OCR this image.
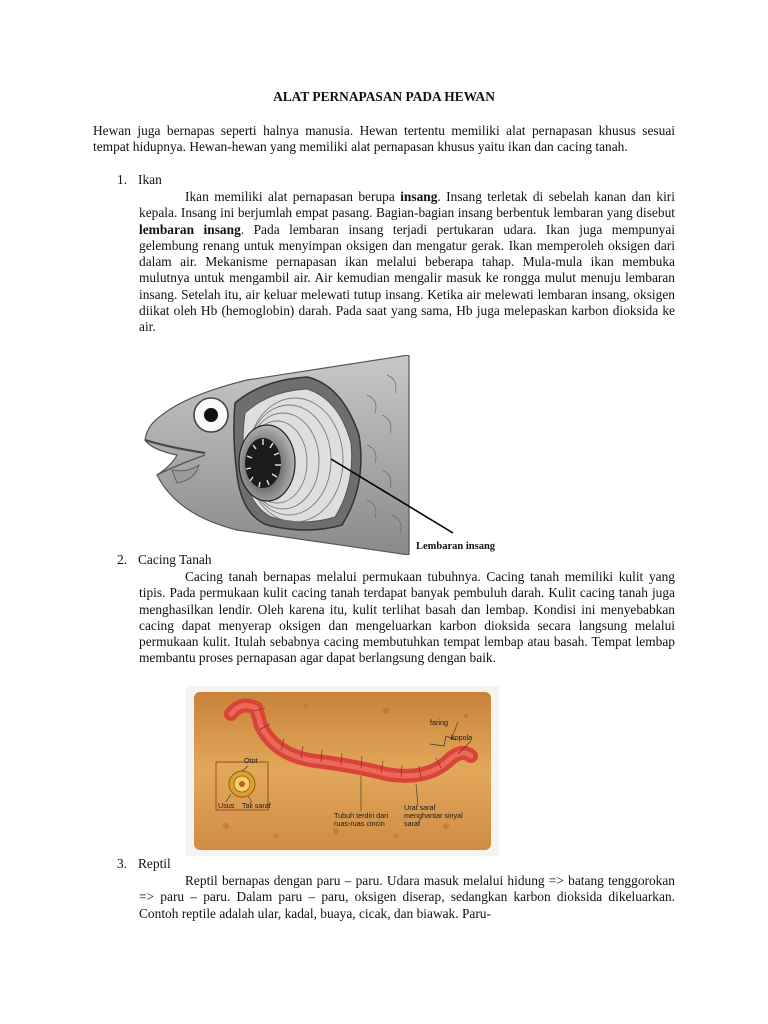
ALAT PERNAPASAN PADA HEWAN
Hewan juga bernapas seperti halnya manusia. Hewan tertentu memiliki alat pernapasan khusus sesuai tempat hidupnya. Hewan-hewan yang memiliki alat pernapasan khusus yaitu ikan dan cacing tanah.
1. Ikan
Ikan memiliki alat pernapasan berupa insang. Insang terletak di sebelah kanan dan kiri kepala. Insang ini berjumlah empat pasang. Bagian-bagian insang berbentuk lembaran yang disebut lembaran insang. Pada lembaran insang terjadi pertukaran udara. Ikan juga mempunyai gelembung renang untuk menyimpan oksigen dan mengatur gerak. Ikan memperoleh oksigen dari dalam air. Mekanisme pernapasan ikan melalui beberapa tahap. Mula-mula ikan membuka mulutnya untuk mengambil air. Air kemudian mengalir masuk ke rongga mulut menuju lembaran insang. Setelah itu, air keluar melewati tutup insang. Ketika air melewati lembaran insang, oksigen diikat oleh Hb (hemoglobin) darah. Pada saat yang sama, Hb juga melepaskan karbon dioksida ke air.
Lembaran insang
2. Cacing Tanah
Cacing tanah bernapas melalui permukaan tubuhnya. Cacing tanah memiliki kulit yang tipis. Pada permukaan kulit cacing tanah terdapat banyak pembuluh darah. Kulit cacing tanah juga menghasilkan lendir. Oleh karena itu, kulit terlihat basah dan lembap. Kondisi ini menyebabkan cacing dapat menyerap oksigen dan mengeluarkan karbon dioksida secara langsung melalui permukaan kulit. Itulah sebabnya cacing membutuhkan tempat lembap atau basah. Tempat lembap membantu proses pernapasan agar dapat berlangsung dengan baik.
faring
kopola
Otot
Usus Tali saraf	Urat saraf menghantar sinyal saraf
Tubuh terdiri dari ruas-ruas cincin
3. Reptil
Reptil bernapas dengan paru – paru. Udara masuk melalui hidung => batang tenggorokan => paru – paru. Dalam paru – paru, oksigen diserap, sedangkan karbon dioksida dikeluarkan. Contoh reptile adalah ular, kadal, buaya, cicak, dan biawak. Paru-
